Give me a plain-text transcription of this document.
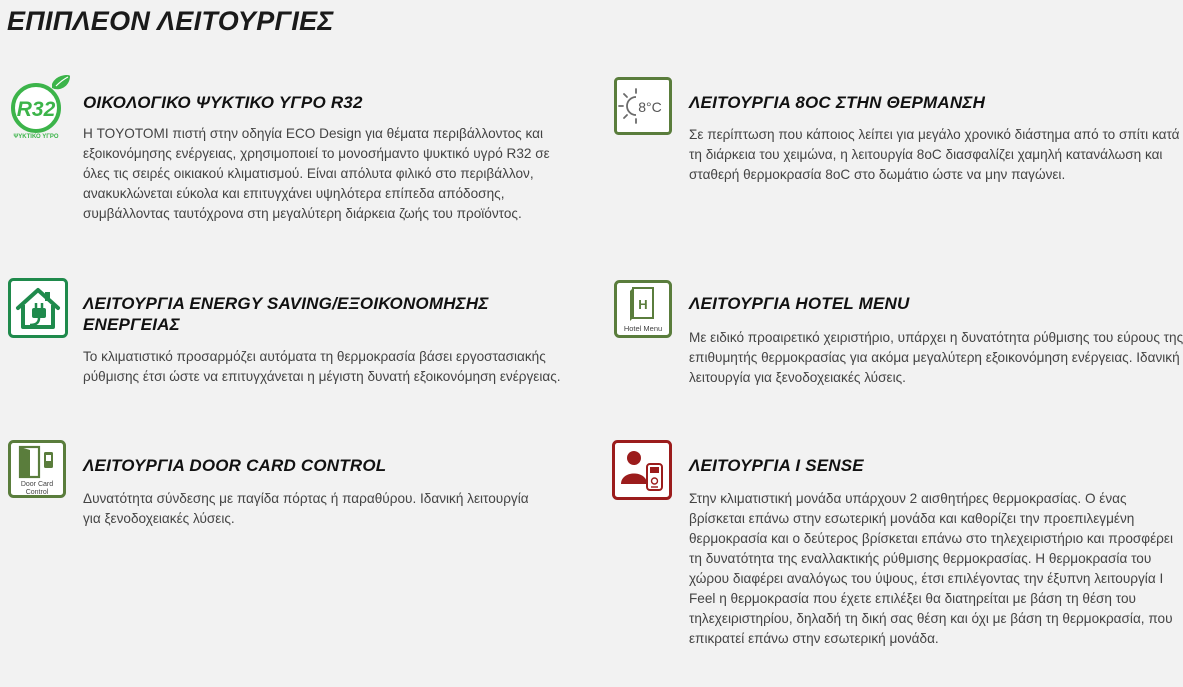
ΕΠΙΠΛΕΟΝ ΛΕΙΤΟΥΡΓΙΕΣ
R32
ΨΥΚΤΙΚΟ ΥΓΡΟ
ΟΙΚΟΛΟΓΙΚΟ ΨΥΚΤΙΚΟ ΥΓΡΟ R32

Η TOYOTOMI πιστή στην οδηγία ECO Design για θέματα περιβάλλοντος και εξοικονόμησης ενέργειας, χρησιμοποιεί το μονοσήμαντο ψυκτικό υγρό R32 σε όλες τις σειρές οικιακού κλιματισμού. Είναι απόλυτα φιλικό στο περιβάλλον, ανακυκλώνεται εύκολα και επιτυγχάνει υψηλότερα επίπεδα απόδοσης, συμβάλλοντας ταυτόχρονα στη μεγαλύτερη διάρκεια ζωής του προϊόντος.

8°C ΛΕΙΤΟΥΡΓΙΑ 8OC ΣΤΗΝ ΘΕΡΜΑΝΣΗ

Σε περίπτωση που κάποιος λείπει για μεγάλο χρονικό διάστημα από το σπίτι κατά τη διάρκεια του χειμώνα, η λειτουργία 8oC διασφαλίζει χαμηλή κατανάλωση και σταθερή θερμοκρασία 8oC στο δωμάτιο ώστε να μην παγώνει.

ΛΕΙΤΟΥΡΓΙΑ ENERGY SAVING/ΕΞΟΙΚΟΝΟΜΗΣΗΣ ΕΝΕΡΓΕΙΑΣ

Το κλιματιστικό προσαρμόζει αυτόματα τη θερμοκρασία βάσει εργοστασιακής ρύθμισης έτσι ώστε να επιτυγχάνεται η μέγιστη δυνατή εξοικονόμηση ενέργειας.

H
Hotel Menu
ΛΕΙΤΟΥΡΓΙΑ HOTEL MENU

Με ειδικό προαιρετικό χειριστήριο, υπάρχει η δυνατότητα ρύθμισης του εύρους της επιθυμητής θερμοκρασίας για ακόμα μεγαλύτερη εξοικονόμηση ενέργειας. Ιδανική λειτουργία για ξενοδοχειακές λύσεις.

Door Card
Control
ΛΕΙΤΟΥΡΓΙΑ DOOR CARD CONTROL

Δυνατότητα σύνδεσης με παγίδα πόρτας ή παραθύρου. Ιδανική λειτουργία για ξενοδοχειακές λύσεις.

ΛΕΙΤΟΥΡΓΙΑ I SENSE

Στην κλιματιστική μονάδα υπάρχουν 2 αισθητήρες θερμοκρασίας. Ο ένας βρίσκεται επάνω στην εσωτερική μονάδα και καθορίζει την προεπιλεγμένη θερμοκρασία και ο δεύτερος βρίσκεται επάνω στο τηλεχειριστήριο και προσφέρει τη δυνατότητα της εναλλακτικής ρύθμισης θερμοκρασίας. Η θερμοκρασία του χώρου διαφέρει αναλόγως του ύψους, έτσι επιλέγοντας την έξυπνη λειτουργία I Feel η θερμοκρασία που έχετε επιλέξει θα διατηρείται με βάση τη θέση του τηλεχειριστηρίου, δηλαδή τη δική σας θέση και όχι με βάση τη θερμοκρασία, που επικρατεί επάνω στην εσωτερική μονάδα.
